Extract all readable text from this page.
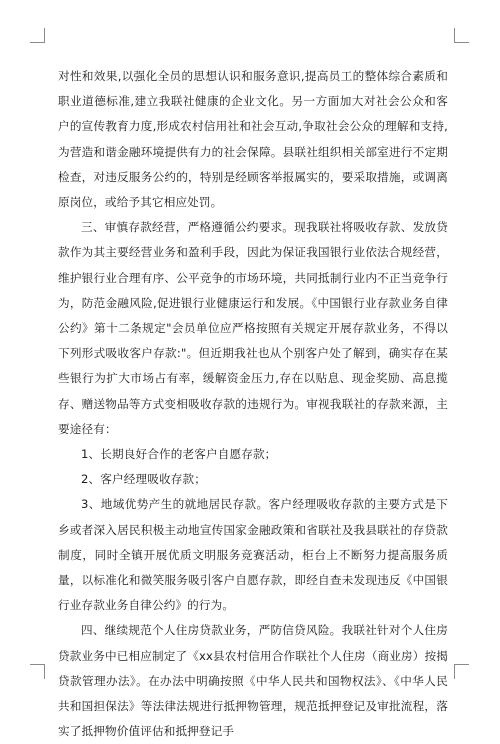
对性和效果,以强化全员的思想认识和服务意识,提高员工的整体综合素质和职业道德标准,建立我联社健康的企业文化。另一方面加大对社会公众和客户的宣传教育力度,形成农村信用社和社会互动,争取社会公众的理解和支持,为营造和谐金融环境提供有力的社会保障。县联社组织相关部室进行不定期检查，对违反服务公约的，特别是经顾客举报属实的，要采取措施，或调离原岗位，或给予其它相应处罚。

三、审慎存款经营，严格遵循公约要求。现我联社将吸收存款、发放贷款作为其主要经营业务和盈利手段，因此为保证我国银行业依法合规经营，维护银行业合理有序、公平竞争的市场环境，共同抵制行业内不正当竞争行为，防范金融风险,促进银行业健康运行和发展。《中国银行业存款业务自律公约》第十二条规定"会员单位应严格按照有关规定开展存款业务，不得以下列形式吸收客户存款:"。但近期我社也从个别客户处了解到，确实存在某些银行为扩大市场占有率，缓解资金压力,存在以贴息、现金奖励、高息揽存、赠送物品等方式变相吸收存款的违规行为。审视我联社的存款来源，主要途径有：

1、长期良好合作的老客户自愿存款；

2、客户经理吸收存款；

3、地域优势产生的就地居民存款。客户经理吸收存款的主要方式是下乡或者深入居民积极主动地宣传国家金融政策和省联社及我县联社的存贷款制度，同时全镇开展优质文明服务竞赛活动，柜台上不断努力提高服务质量，以标准化和微笑服务吸引客户自愿存款，即经自查未发现违反《中国银行业存款业务自律公约》的行为。

四、继续规范个人住房贷款业务，严防信贷风险。我联社针对个人住房贷款业务中已相应制定了《xx县农村信用合作联社个人住房（商业房）按揭贷款管理办法》。在办法中明确按照《中华人民共和国物权法》、《中华人民共和国担保法》等法律法规进行抵押物管理，规范抵押登记及审批流程，落实了抵押物价值评估和抵押登记手
